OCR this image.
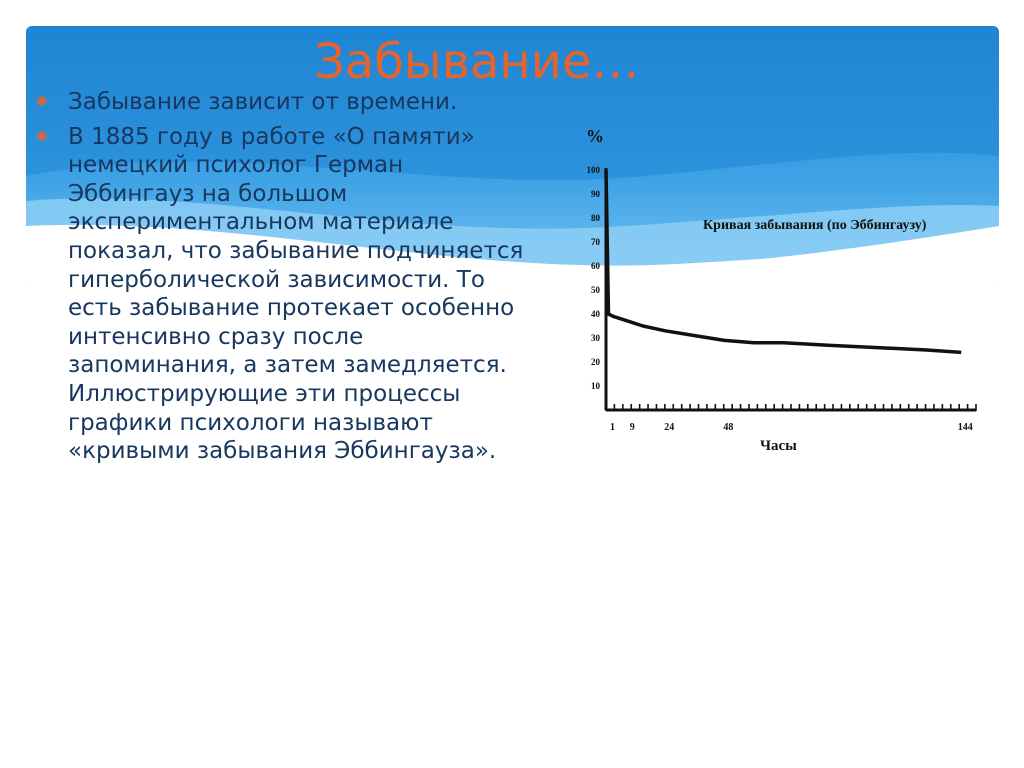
Забывание…
✱ Забывание зависит от времени.
✱ В 1885 году в работе «О памяти» немецкий психолог Герман Эббингауз на большом экспериментальном материале показал, что забывание подчиняется гиперболической зависимости. То есть забывание протекает особенно интенсивно сразу после запоминания, а затем замедляется. Иллюстрирующие эти процессы графики психологи называют «кривыми забывания Эббингауза».
%
Кривая забывания (по Эббингаузу)
Часы
10
20
30
40
50
60
70
80
90
100
1 9	24	48	144
